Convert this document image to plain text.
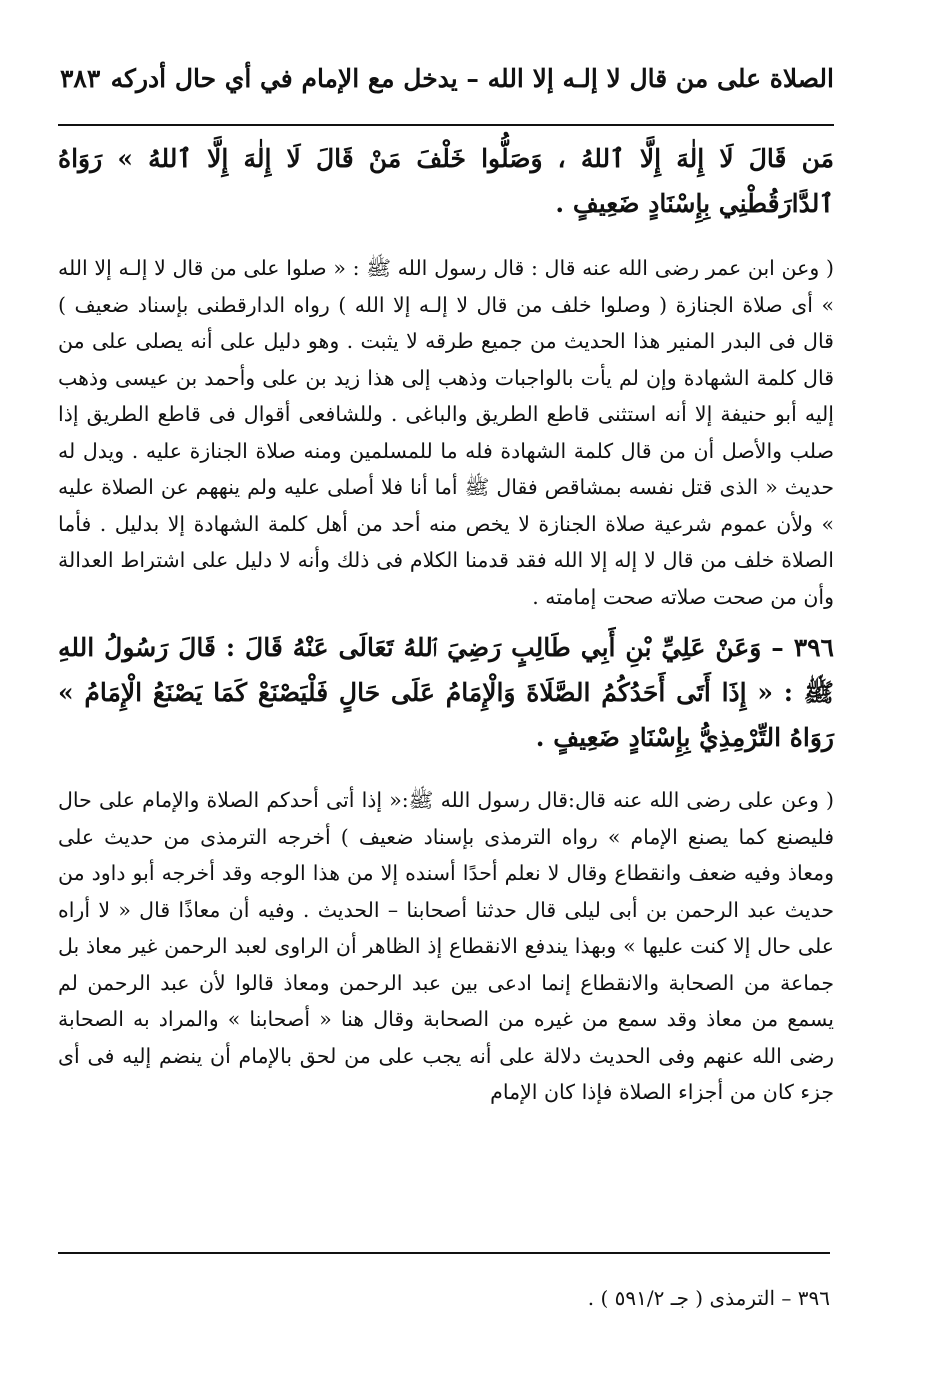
الصلاة على من قال لا إلـه إلا الله – يدخل مع الإمام في أي حال أدركه
٣٨٣

مَن قَالَ لَا إِلٰهَ إِلَّا ٱللهُ ، وَصَلُّوا خَلْفَ مَنْ قَالَ لَا إِلٰهَ إِلَّا ٱللهُ » رَوَاهُ ٱلدَّارَقُطْنِي بِإِسْنَادٍ ضَعِيفٍ .

( وعن ابن عمر رضى الله عنه قال : قال رسول الله ﷺ : « صلوا على من قال لا إلـه إلا الله » أى صلاة الجنازة ( وصلوا خلف من قال لا إلـه إلا الله ) رواه الدارقطنى بإسناد ضعيف ) قال فى البدر المنير هذا الحديث من جميع طرقه لا يثبت . وهو دليل على أنه يصلى على من قال كلمة الشهادة وإن لم يأت بالواجبات وذهب إلى هذا زيد بن على وأحمد بن عيسى وذهب إليه أبو حنيفة إلا أنه استثنى قاطع الطريق والباغى . وللشافعى أقوال فى قاطع الطريق إذا صلب والأصل أن من قال كلمة الشهادة فله ما للمسلمين ومنه صلاة الجنازة عليه . ويدل له حديث « الذى قتل نفسه بمشاقص فقال ﷺ أما أنا فلا أصلى عليه ولم ينههم عن الصلاة عليه » ولأن عموم شرعية صلاة الجنازة لا يخص منه أحد من أهل كلمة الشهادة إلا بدليل . فأما الصلاة خلف من قال لا إله إلا الله فقد قدمنا الكلام فى ذلك وأنه لا دليل على اشتراط العدالة وأن من صحت صلاته صحت إمامته .

٣٩٦ – وَعَنْ عَلِيِّ بْنِ أَبِي طَالِبٍ رَضِيَ ٱللهُ تَعَالَى عَنْهُ قَالَ : قَالَ رَسُولُ اللهِ ﷺ : « إِذَا أَتَى أَحَدُكُمُ الصَّلَاةَ وَالْإِمَامُ عَلَى حَالٍ فَلْيَصْنَعْ كَمَا يَصْنَعُ الْإِمَامُ » رَوَاهُ التِّرْمِذِيُّ بِإِسْنَادٍ ضَعِيفٍ .

( وعن على رضى الله عنه قال:قال رسول الله ﷺ:« إذا أتى أحدكم الصلاة والإمام على حال فليصنع كما يصنع الإمام » رواه الترمذى بإسناد ضعيف ) أخرجه الترمذى من حديث على ومعاذ وفيه ضعف وانقطاع وقال لا نعلم أحدًا أسنده إلا من هذا الوجه وقد أخرجه أبو داود من حديث عبد الرحمن بن أبى ليلى قال حدثنا أصحابنا – الحديث . وفيه أن معاذًا قال « لا أراه على حال إلا كنت عليها » وبهذا يندفع الانقطاع إذ الظاهر أن الراوى لعبد الرحمن غير معاذ بل جماعة من الصحابة والانقطاع إنما ادعى بين عبد الرحمن ومعاذ قالوا لأن عبد الرحمن لم يسمع من معاذ وقد سمع من غيره من الصحابة وقال هنا « أصحابنا » والمراد به الصحابة رضى الله عنهم وفى الحديث دلالة على أنه يجب على من لحق بالإمام أن ينضم إليه فى أى جزء كان من أجزاء الصلاة فإذا كان الإمام

٣٩٦ – الترمذى ( جـ ٥٩١/٢ ) .
